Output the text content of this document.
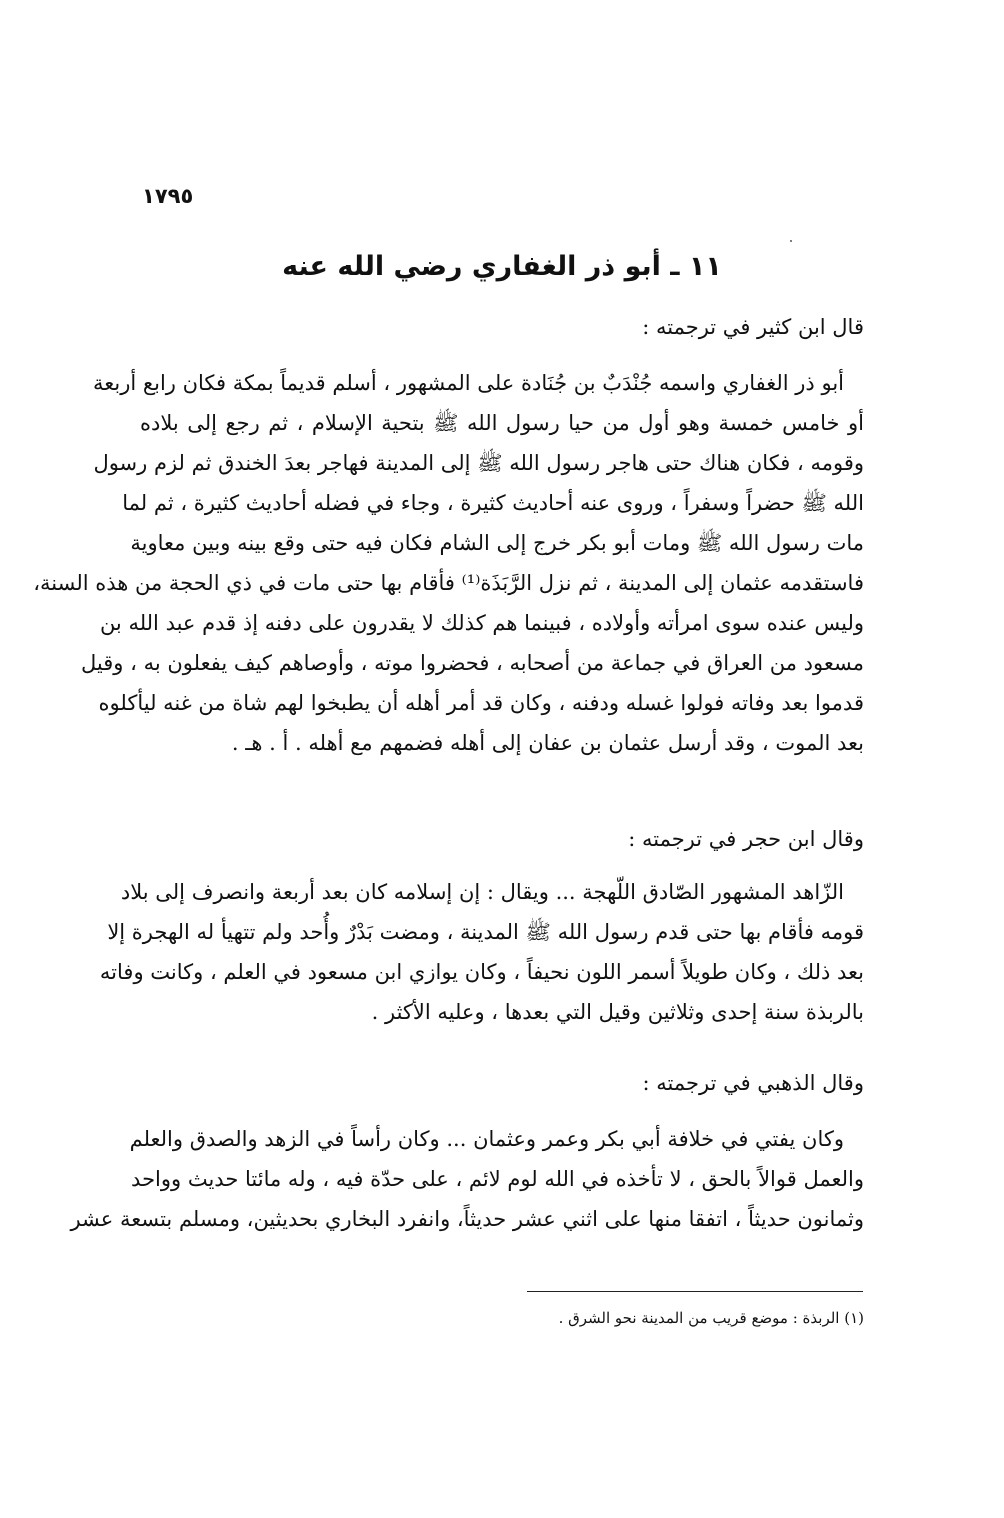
١٧٩٥
١١ ـ أبو ذر الغفاري رضي الله عنه
قال ابن كثير في ترجمته :
أبو ذر الغفاري واسمه جُنْدَبٌ بن جُنَادة على المشهور ، أسلم قديماً بمكة فكان رابع أربعة
أو خامس خمسة وهو أول من حيا رسول الله ﷺ بتحية الإسلام ، ثم رجع إلى بلاده
وقومه ، فكان هناك حتى هاجر رسول الله ﷺ إلى المدينة فهاجر بعدَ الخندق ثم لزم رسول
الله ﷺ حضراً وسفراً ، وروى عنه أحاديث كثيرة ، وجاء في فضله أحاديث كثيرة ، ثم لما
مات رسول الله ﷺ ومات أبو بكر خرج إلى الشام فكان فيه حتى وقع بينه وبين معاوية
فاستقدمه عثمان إلى المدينة ، ثم نزل الرَّبَذَة⁽¹⁾ فأقام بها حتى مات في ذي الحجة من هذه السنة،
وليس عنده سوى امرأته وأولاده ، فبينما هم كذلك لا يقدرون على دفنه إذ قدم عبد الله بن
مسعود من العراق في جماعة من أصحابه ، فحضروا موته ، وأوصاهم كيف يفعلون به ، وقيل
قدموا بعد وفاته فولوا غسله ودفنه ، وكان قد أمر أهله أن يطبخوا لهم شاة من غنه ليأكلوه
بعد الموت ، وقد أرسل عثمان بن عفان إلى أهله فضمهم مع أهله . أ . هـ .
وقال ابن حجر في ترجمته :
الزّاهد المشهور الصّادق اللّهجة ... ويقال : إن إسلامه كان بعد أربعة وانصرف إلى بلاد
قومه فأقام بها حتى قدم رسول الله ﷺ المدينة ، ومضت بَدْرٌ وأُحد ولم تتهيأ له الهجرة إلا
بعد ذلك ، وكان طويلاً أسمر اللون نحيفاً ، وكان يوازي ابن مسعود في العلم ، وكانت وفاته
بالربذة سنة إحدى وثلاثين وقيل التي بعدها ، وعليه الأكثر .
وقال الذهبي في ترجمته :
وكان يفتي في خلافة أبي بكر وعمر وعثمان ... وكان رأساً في الزهد والصدق والعلم
والعمل قوالاً بالحق ، لا تأخذه في الله لوم لائم ، على حدّة فيه ، وله مائتا حديث وواحد
وثمانون حديثاً ، اتفقا منها على اثني عشر حديثاً، وانفرد البخاري بحديثين، ومسلم بتسعة عشر
(١) الربذة : موضع قريب من المدينة نحو الشرق .
